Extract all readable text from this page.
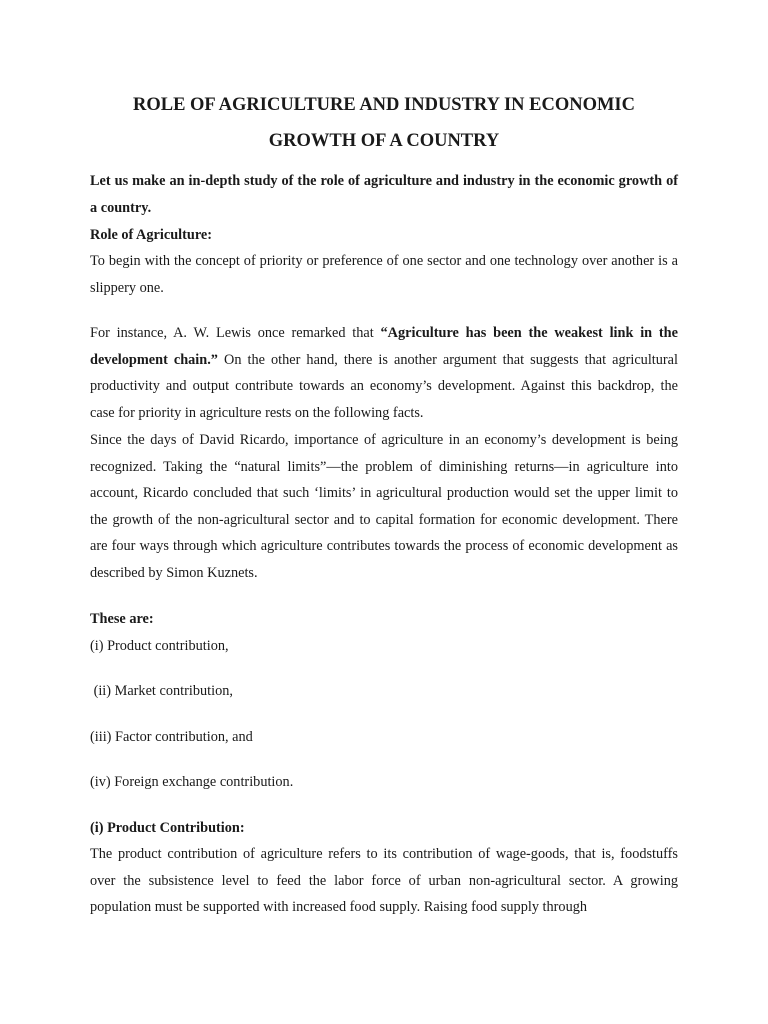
ROLE OF AGRICULTURE AND INDUSTRY IN ECONOMIC
GROWTH OF A COUNTRY

Let us make an in-depth study of the role of agriculture and industry in the economic growth of a country.

Role of Agriculture:

To begin with the concept of priority or preference of one sector and one technology over another is a slippery one.

For instance, A. W. Lewis once remarked that “Agriculture has been the weakest link in the development chain.” On the other hand, there is another argument that suggests that agricultural productivity and output contribute towards an economy’s development. Against this backdrop, the case for priority in agriculture rests on the following facts.

Since the days of David Ricardo, importance of agriculture in an economy’s development is being recognized. Taking the “natural limits”—the problem of diminishing returns—in agriculture into account, Ricardo concluded that such ‘limits’ in agricultural production would set the upper limit to the growth of the non-agricultural sector and to capital formation for economic development. There are four ways through which agriculture contributes towards the process of economic development as described by Simon Kuznets.

These are:

(i) Product contribution,

(ii) Market contribution,

(iii) Factor contribution, and

(iv) Foreign exchange contribution.

(i) Product Contribution:

The product contribution of agriculture refers to its contribution of wage-goods, that is, foodstuffs over the subsistence level to feed the labor force of urban non-agricultural sector. A growing population must be supported with increased food supply. Raising food supply through
